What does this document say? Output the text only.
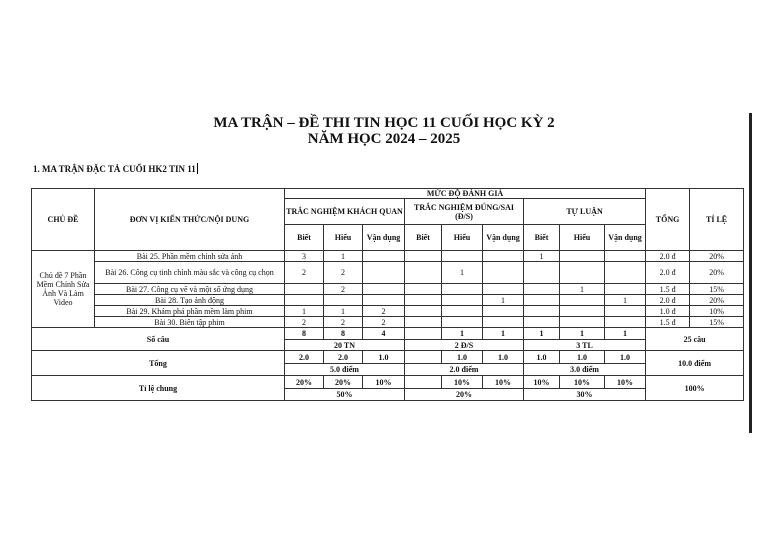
MA TRẬN – ĐỀ THI TIN HỌC 11 CUỐI HỌC KỲ 2
NĂM HỌC 2024 – 2025
1. MA TRẬN ĐẶC TẢ CUỐI HK2 TIN 11
CHỦ ĐỀ	ĐƠN VỊ KIẾN THỨC/NỘI DUNG	MỨC ĐỘ ĐÁNH GIÁ									TỔNG	TỈ LỆ
		TRẮC NGHIỆM KHÁCH QUAN			TRẮC NGHIỆM ĐÚNG/SAI (Đ/S)			TỰ LUẬN				
		Biết	Hiểu	Vận dụng	Biết	Hiểu	Vận dụng	Biết	Hiểu	Vận dụng		
Chủ đề 7 Phần Mềm Chỉnh Sửa Ảnh Và Làm Video	Bài 25. Phần mềm chỉnh sửa ảnh	3	1					1			2.0 đ	20%
	Bài 26. Công cụ tinh chỉnh màu sắc và công cụ chọn	2	2			1					2.0 đ	20%
	Bài 27. Công cụ vẽ và một số ứng dụng		2						1		1.5 đ	15%
	Bài 28. Tạo ảnh động						1			1	2.0 đ	20%
	Bài 29. Khám phá phần mềm làm phim	1	1	2							1.0 đ	10%
	Bài 30. Biên tập phim	2	2	2							1.5 đ	15%
Số câu		8	8	4		1	1	1	1	1	25 câu	
		20 TN			2 Đ/S			3 TL				
Tổng		2.0	2.0	1.0		1.0	1.0	1.0	1.0	1.0	10.0 điểm	
		5.0 điểm			2.0 điểm			3.0 điểm				
Tỉ lệ chung		20%	20%	10%		10%	10%	10%	10%	10%	100%	
		50%			20%			30%				
